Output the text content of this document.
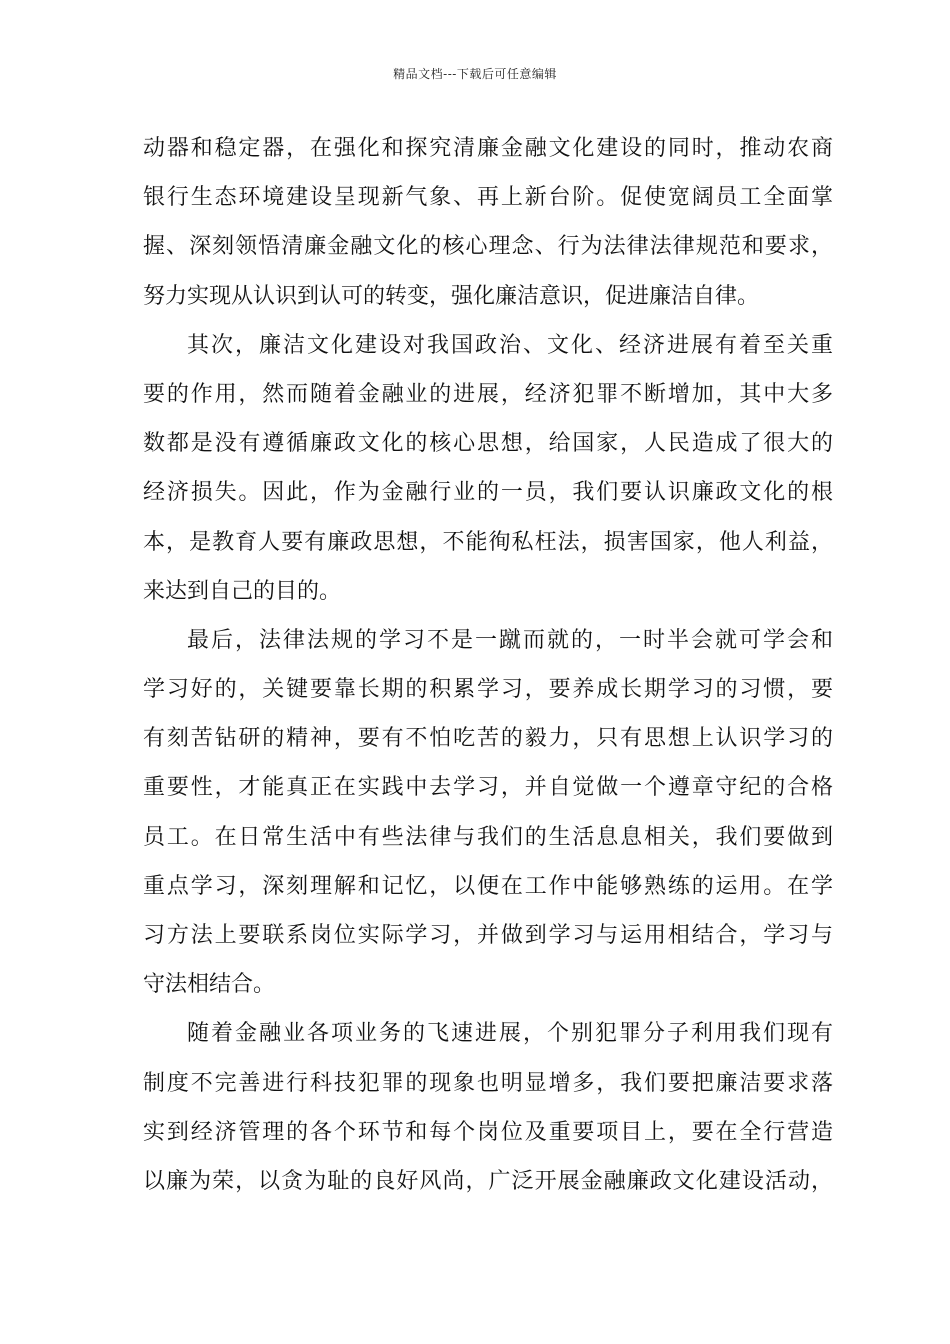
精品文档---下载后可任意编辑
动器和稳定器，在强化和探究清廉金融文化建设的同时，推动农商
银行生态环境建设呈现新气象、再上新台阶。促使宽阔员工全面掌
握、深刻领悟清廉金融文化的核心理念、行为法律法律规范和要求，
努力实现从认识到认可的转变，强化廉洁意识，促进廉洁自律。
其次，廉洁文化建设对我国政治、文化、经济进展有着至关重
要的作用，然而随着金融业的进展，经济犯罪不断增加，其中大多
数都是没有遵循廉政文化的核心思想，给国家，人民造成了很大的
经济损失。因此，作为金融行业的一员，我们要认识廉政文化的根
本，是教育人要有廉政思想，不能徇私枉法，损害国家，他人利益，
来达到自己的目的。
最后，法律法规的学习不是一蹴而就的，一时半会就可学会和
学习好的，关键要靠长期的积累学习，要养成长期学习的习惯，要
有刻苦钻研的精神，要有不怕吃苦的毅力，只有思想上认识学习的
重要性，才能真正在实践中去学习，并自觉做一个遵章守纪的合格
员工。在日常生活中有些法律与我们的生活息息相关，我们要做到
重点学习，深刻理解和记忆，以便在工作中能够熟练的运用。在学
习方法上要联系岗位实际学习，并做到学习与运用相结合，学习与
守法相结合。
随着金融业各项业务的飞速进展，个别犯罪分子利用我们现有
制度不完善进行科技犯罪的现象也明显增多，我们要把廉洁要求落
实到经济管理的各个环节和每个岗位及重要项目上，要在全行营造
以廉为荣，以贪为耻的良好风尚，广泛开展金融廉政文化建设活动，
